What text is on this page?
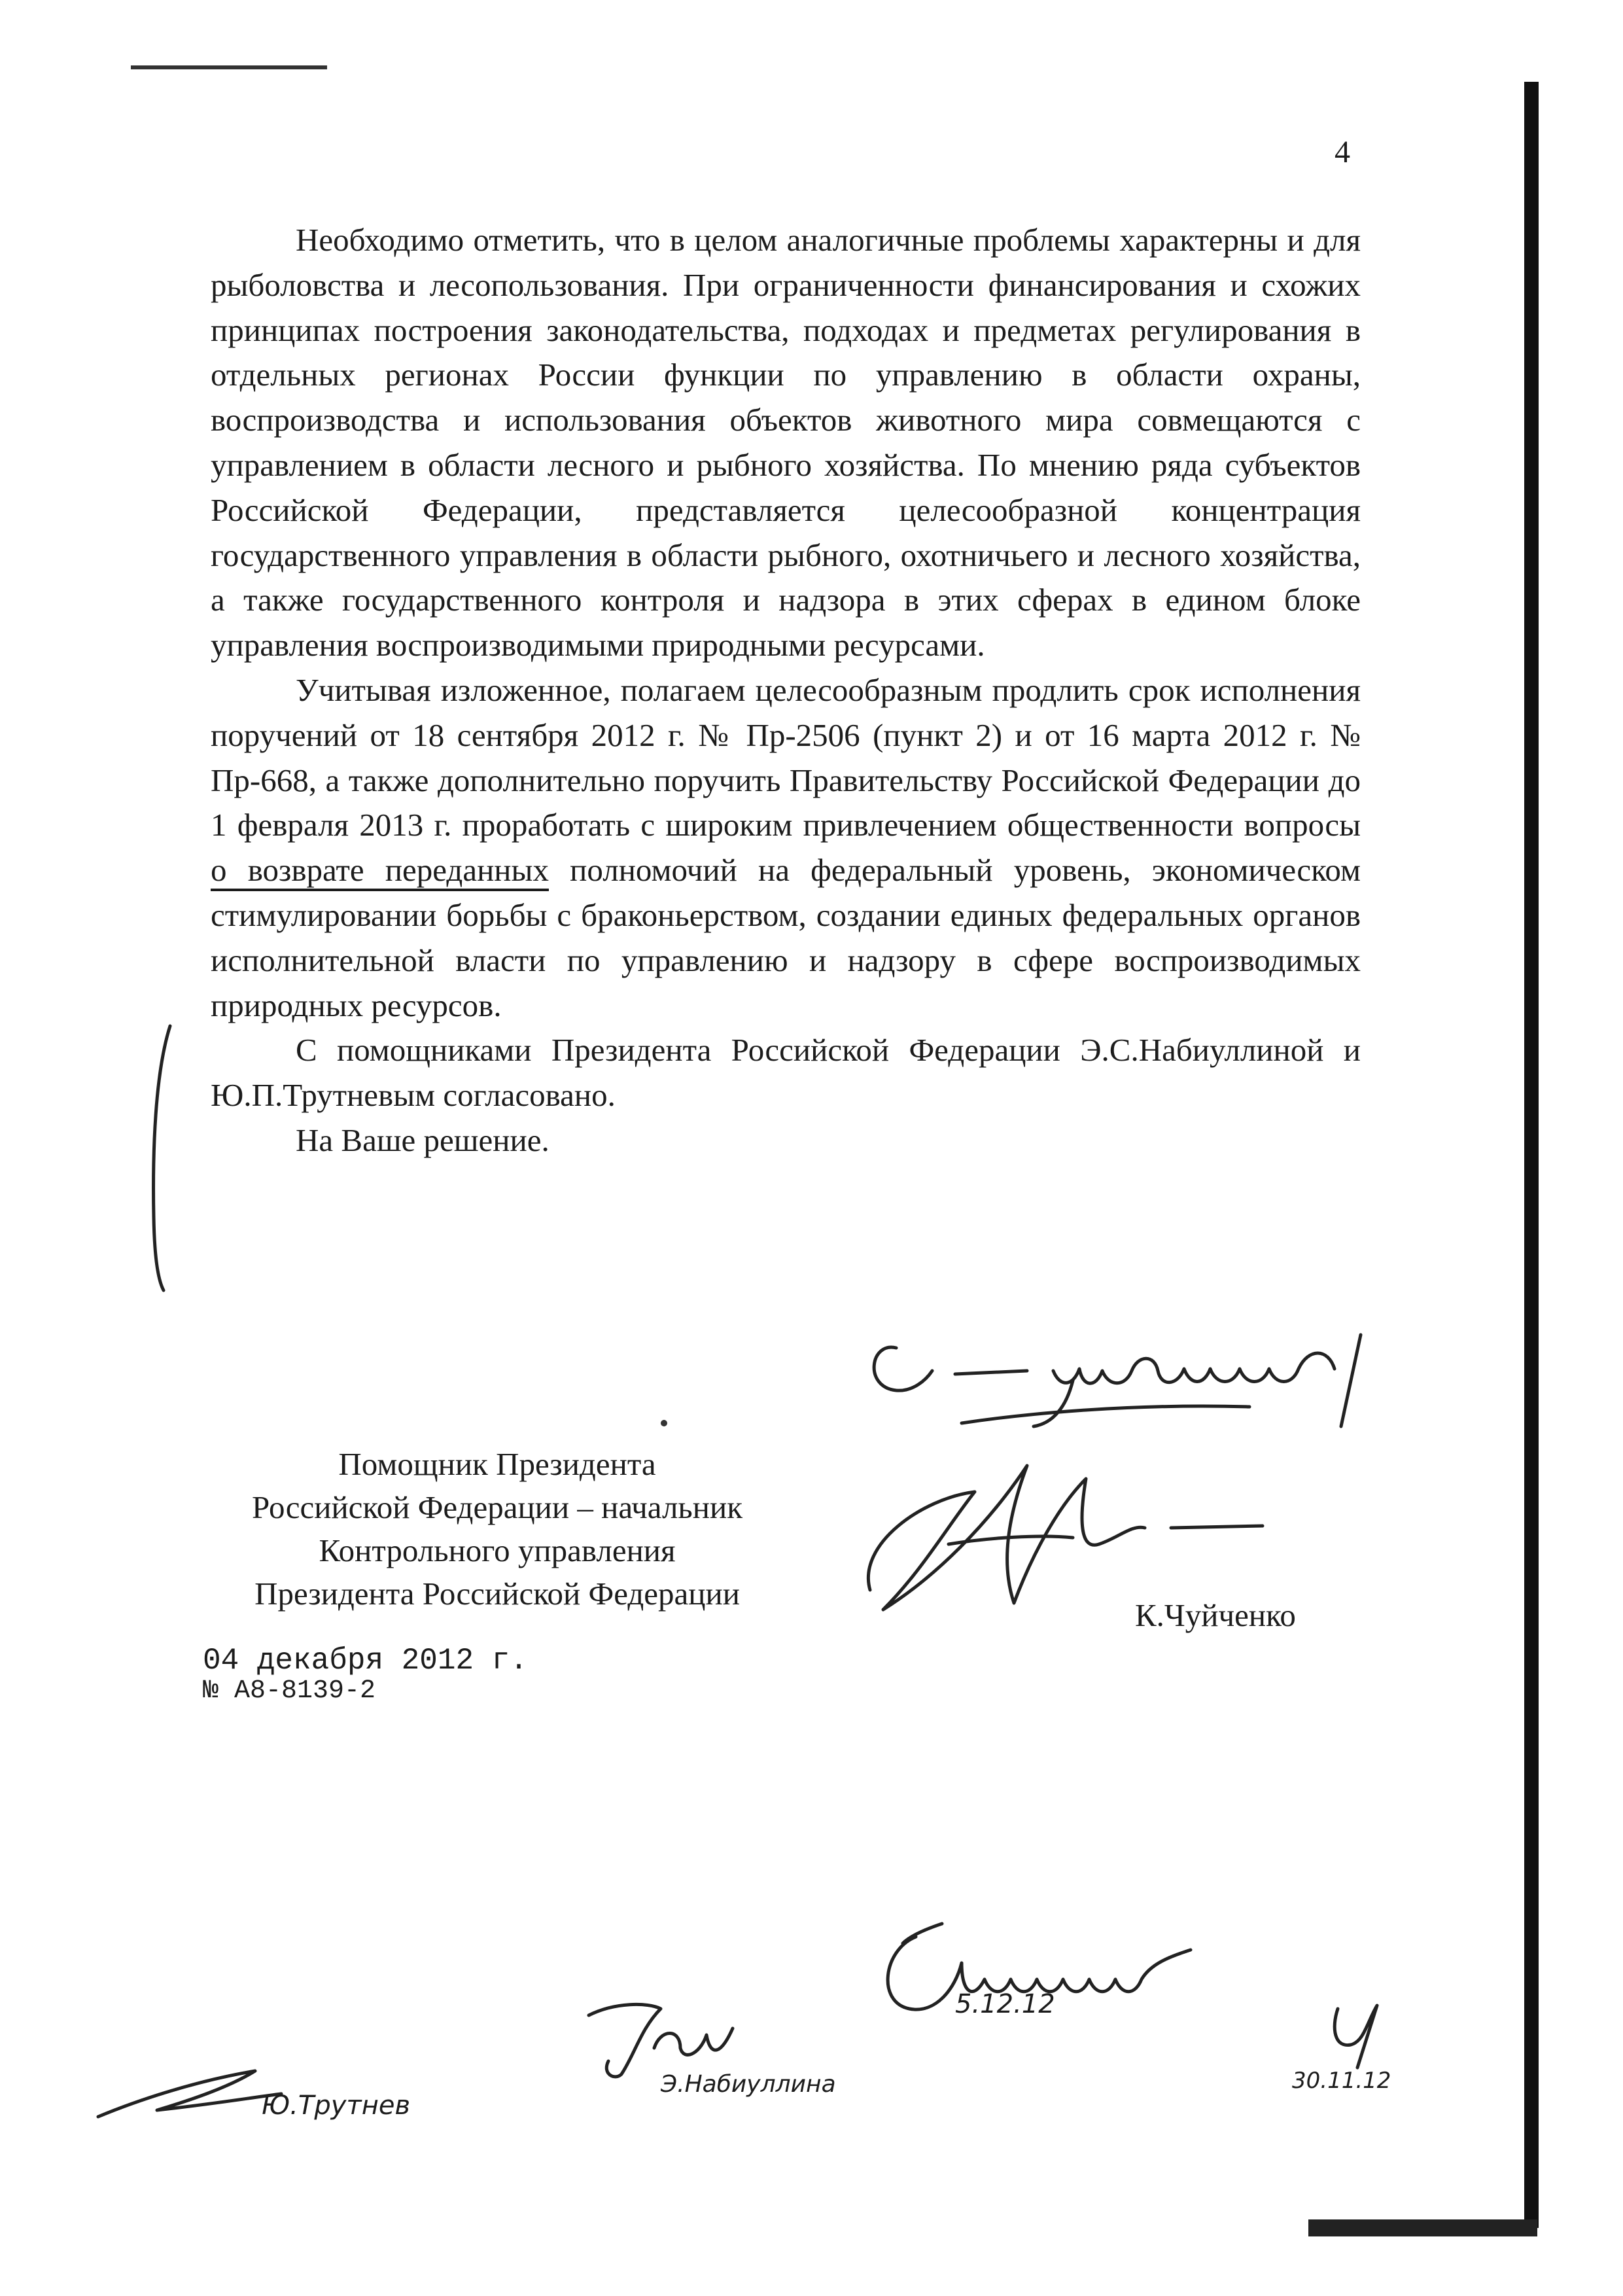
4

Необходимо отметить, что в целом аналогичные проблемы характерны и для рыболовства и лесопользования. При ограниченности финансирования и схожих принципах построения законодательства, подходах и предметах регулирования в отдельных регионах России функции по управлению в области охраны, воспроизводства и использования объектов животного мира совмещаются с управлением в области лесного и рыбного хозяйства. По мнению ряда субъектов Российской Федерации, представляется целесообразной концентрация государственного управления в области рыбного, охотничьего и лесного хозяйства, а также государственного контроля и надзора в этих сферах в едином блоке управления воспроизводимыми природными ресурсами.

Учитывая изложенное, полагаем целесообразным продлить срок исполнения поручений от 18 сентября 2012 г. № Пр-2506 (пункт 2) и от 16 марта 2012 г. № Пр-668, а также дополнительно поручить Правительству Российской Федерации до 1 февраля 2013 г. проработать с широким привлечением общественности вопросы о возврате переданных полномочий на федеральный уровень, экономическом стимулировании борьбы с браконьерством, создании единых федеральных органов исполнительной власти по управлению и надзору в сфере воспроизводимых природных ресурсов.

С помощниками Президента Российской Федерации Э.С.Набиуллиной и Ю.П.Трутневым согласовано.

На Ваше решение.

Помощник Президента
Российской Федерации – начальник
Контрольного управления
Президента Российской Федерации
К.Чуйченко
04 декабря 2012 г.
№ А8-8139-2
5.12.12
Э.Набиуллина
Ю.Трутнев
30.11.12
